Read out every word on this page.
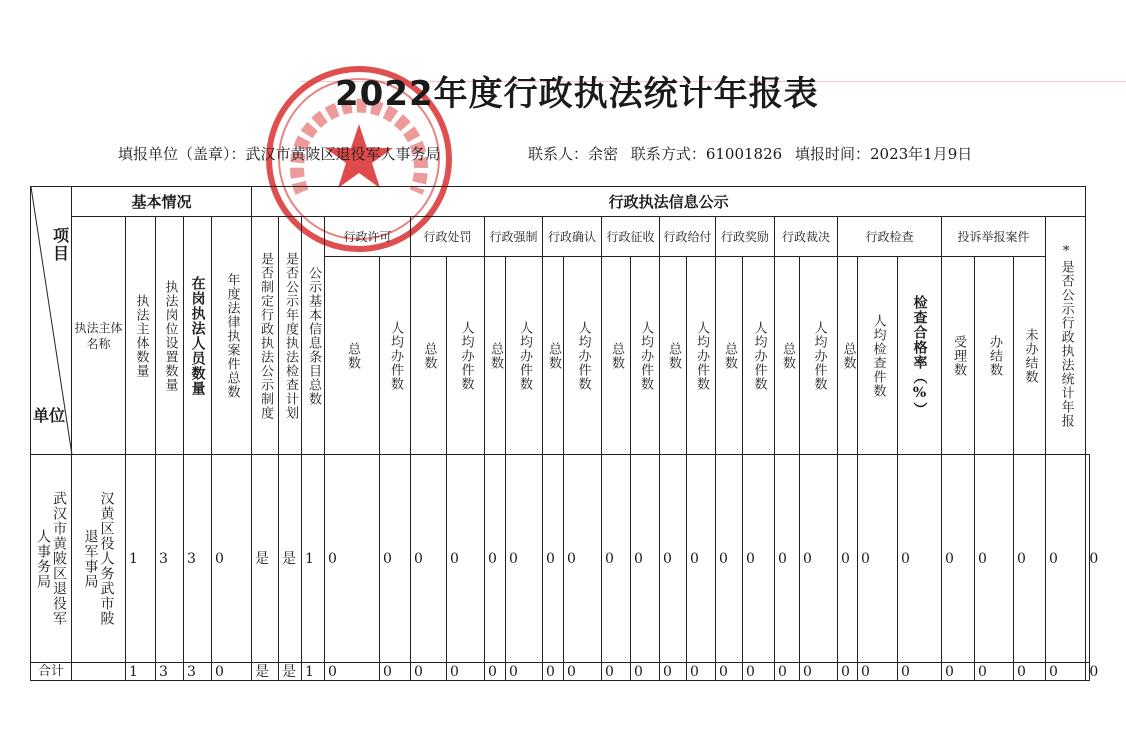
2022年度行政执法统计年报表
填报单位（盖章）：武汉市黄陂区退役军人事务局	联系人：余密 联系方式：61001826 填报时间：2023年1月9日
项目
单位	基本情况					行政执法信息公示																										
	执法主体名称	执法主体数量	执法岗位设置数量	在岗执法人员数量	年度法律执案件总数	是否制定行政执法公示制度	是否公示年度执法检查计划	公示基本信息条目总数	行政许可		行政处罚		行政强制		行政确认		行政征收		行政给付		行政奖励		行政裁决		行政检查			投诉举报案件			*是否公示行政执法统计年报	

									总数	人均办件数	总数	人均办件数	总数	人均办件数	总数	人均办件数	总数	人均办件数	总数	人均办件数	总数	人均办件数	总数	人均办件数	总数	人均检查件数	检查合格率（%）	受理数	办结数	未办结数		

武汉市黄陂区退役军人事务局	汉黄区役人务武市陂退军事局	1	3	3	0	是	是	1	0	0	0	0	0	0	0	0	0	0	0	0	0	0	0	0	0	0	0	0	0	0	0	0
合计		1	3	3	0	是	是	1	0	0	0	0	0	0	0	0	0	0	0	0	0	0	0	0	0	0	0	0	0	0	0	0
